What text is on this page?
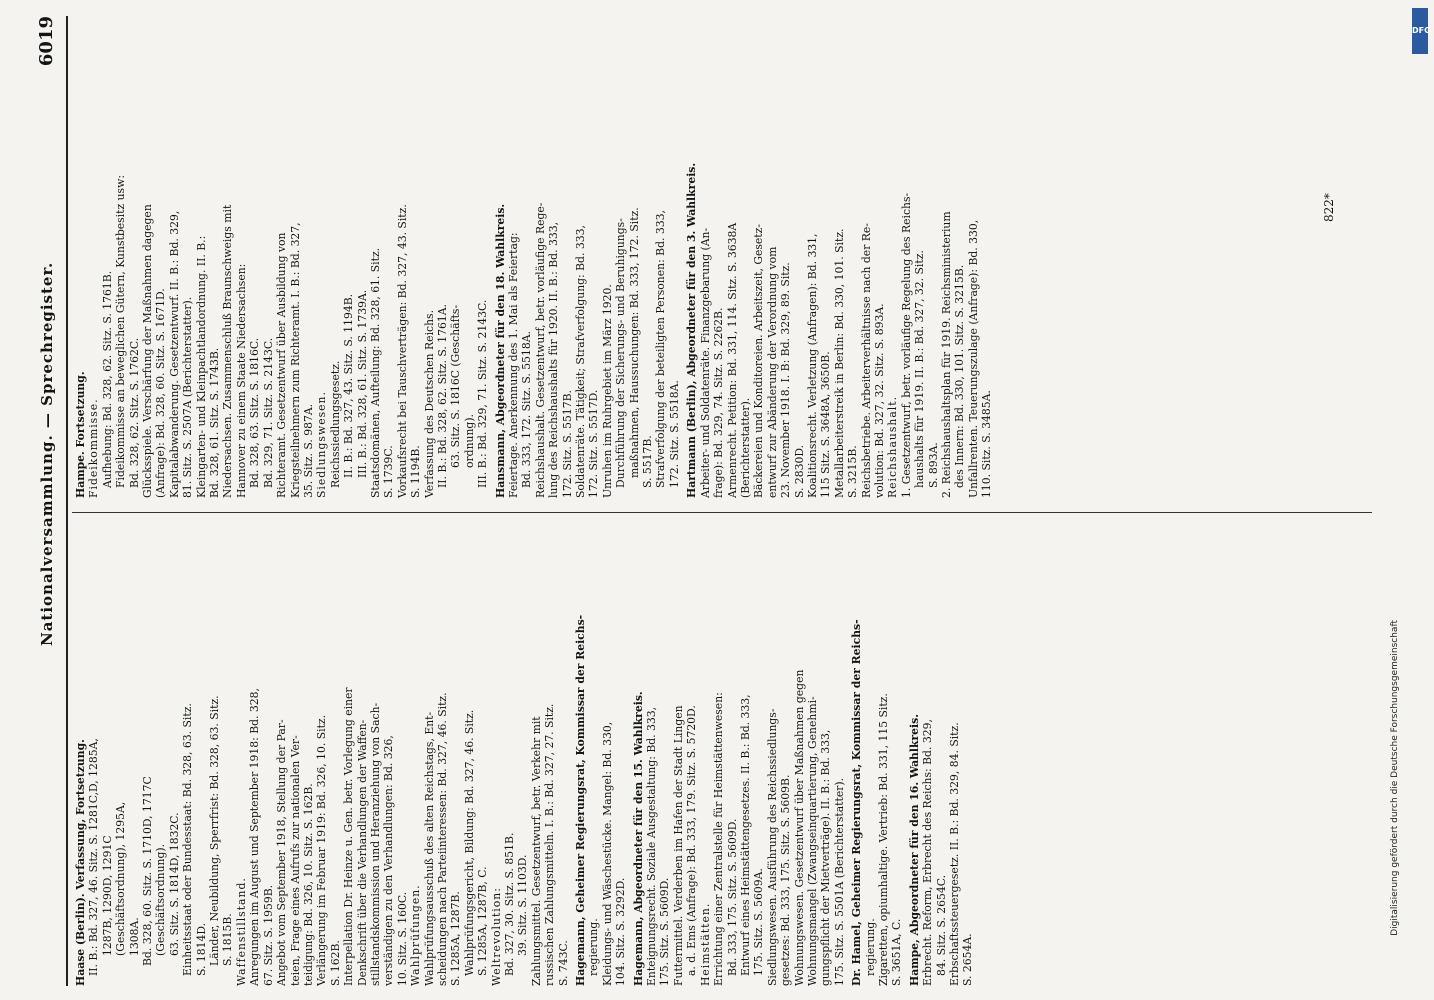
Nationalversammlung. — Sprechregister.
6019
Haase (Berlin). Verfassung, Fortsetzung. II. B.: Bd. 327, 46. Sitz. S. 1281C,D, 1285A, 1287B, 1290D, 1291C (Geschäftsordnung), 1295A, 1308A. Bd. 328, 60. Sitz. S. 1710D, 1717C (Geschäftsordnung). 63. Sitz. S. 1814D, 1832C. Einheitsstaat oder Bundesstaat: Bd. 328, 63. Sitz. S. 1814D. Länder, Neubildung, Sperrfrist: Bd. 328, 63. Sitz. S. 1815B. Waffenstillstand. Anregungen im August und September 1918: Bd. 328, 67. Sitz. S. 1959B. Angebot vom September 1918, Stellung der Par- teien, Frage eines Aufrufs zur nationalen Ver- teidigung: Bd. 326, 10. Sitz. S. 162B. Verlängerung im Februar 1919: Bd. 326, 10. Sitz. S. 162B. Interpellation Dr. Heinze u. Gen. betr. Vorlegung einer Denkschrift über die Verhandlungen der Waffen- stillstandskommission und Heranziehung von Sach- verständigen zu den Verhandlungen: Bd. 326, 10. Sitz. S. 160C. Wahlprüfungen. Wahlprüfungsausschuß des alten Reichstags, Ent- scheidungen nach Parteiinteressen: Bd. 327, 46. Sitz. S. 1285A, 1287B. Wahlprüfungsgericht, Bildung: Bd. 327, 46. Sitz. S. 1285A, 1287B, C. Weltrevolution: Bd. 327, 30. Sitz. S. 851B. 39. Sitz. S. 1103D. Zahlungsmittel. Gesetzentwurf, betr. Verkehr mit russischen Zahlungsmitteln. I. B.: Bd. 327, 27. Sitz. S. 743C. Hagemann, Geheimer Regierungsrat, Kommissar der Reichs- regierung. Kleidungs- und Wäschestücke. Mangel: Bd. 330, 104. Sitz. S. 3292D. Hagemann, Abgeordneter für den 15. Wahlkreis. Enteignungsrecht. Soziale Ausgestaltung: Bd. 333, 175. Sitz. S. 5609D. Futtermittel. Verderben im Hafen der Stadt Lingen a. d. Ems (Anfrage): Bd. 333, 179. Sitz. S. 5720D. Heimstätten. Errichtung einer Zentralstelle für Heimstättenwesen: Bd. 333, 175. Sitz. S. 5609D. Entwurf eines Heimstättengesetzes. II. B.: Bd. 333, 175. Sitz. S. 5609A. Siedlungswesen. Ausführung des Reichssiedlungs- gesetzes: Bd. 333, 175. Sitz. S. 5609B. Wohnungswesen. Gesetzentwurf über Maßnahmen gegen Wohnungsmangel (Zwangseinquartierung, Genehmi- gungspflicht der Mietverträge). II. B.: Bd. 333, 175. Sitz. S. 5501A (Berichterstatter). Dr. Hamel, Geheimer Regierungsrat, Kommissar der Reichs- regierung. Zigaretten, opiumhaltige. Vertrieb: Bd. 331, 115 Sitz. S. 3651A, C. Hampe, Abgeordneter für den 16. Wahlkreis. Erbrecht. Reform, Erbrecht des Reichs: Bd. 329, 84. Sitz. S. 2654C. Erbschaftssteuergesetz. II. B.: Bd. 329, 84. Sitz. S. 2654A.
Hampe. Fortsetzung. Fideikommisse. Aufhebung: Bd. 328, 62. Sitz. S. 1761B. Fideikommisse an beweglichen Gütern, Kunstbesitz usw: Bd. 328, 62. Sitz. S. 1762C. Glücksspiele. Verschärfung der Maßnahmen dagegen (Anfrage): Bd. 328, 60. Sitz. S. 1671D. Kapitalabwanderung. Gesetzentwurf. II. B.: Bd. 329, 81. Sitz. S. 2507A (Berichterstatter). Kleingarten- und Kleinpachtlandordnung. II. B.: Bd. 328, 61. Sitz. S. 1743B. Niedersachsen. Zusammenschluß Braunschweigs mit Hannover zu einem Staate Niedersachsen: Bd. 328, 63. Sitz. S. 1816C. Bd. 329, 71. Sitz. S. 2143C. Richteramt. Gesetzentwurf über Ausbildung von Kriegsteilnehmern zum Richteramt. I. B.: Bd. 327, 35. Sitz. S. 987A. Siedlungswesen. Reichssiedlungsgesetz. II. B.: Bd. 327, 43. Sitz. S. 1194B. III. B.: Bd. 328, 61. Sitz. S. 1739A. Staatsdomänen, Aufteilung: Bd. 328, 61. Sitz. S. 1739C. Vorkaufsrecht bei Tauschverträgen: Bd. 327, 43. Sitz. S. 1194B. Verfassung des Deutschen Reichs. II. B.: Bd. 328, 62. Sitz. S. 1761A. 63. Sitz. S. 1816C (Geschäfts- ordnung). III. B.: Bd. 329, 71. Sitz. S. 2143C. Hansmann, Abgeordneter für den 18. Wahlkreis. Feiertage. Anerkennung des 1. Mai als Feiertag: Bd. 333, 172. Sitz. S. 5518A. Reichshaushalt. Gesetzentwurf, betr. vorläufige Rege- lung des Reichshaushalts für 1920. II. B.: Bd. 333, 172. Sitz. S. 5517B. Soldatenräte. Tätigkeit; Strafverfolgung: Bd. 333, 172. Sitz. S. 5517D. Unruhen im Ruhrgebiet im März 1920. Durchführung der Sicherungs- und Beruhigungs- maßnahmen, Haussuchungen: Bd. 333, 172. Sitz. S. 5517B. Strafverfolgung der beteiligten Personen: Bd. 333, 172. Sitz. S. 5518A. Hartmann (Berlin), Abgeordneter für den 3. Wahlkreis. Arbeiter- und Soldatenräte. Finanzgebarung (An- frage): Bd. 329, 74. Sitz. S. 2262B. Armenrecht. Petition: Bd. 331, 114. Sitz. S. 3638A (Berichterstatter). Bäckereien und Konditoreien. Arbeitszeit, Gesetz- entwurf zur Abänderung der Verordnung vom 23. November 1918. I. B: Bd. 329, 89. Sitz. S. 2830D. Koalitionsrecht. Verletzung (Anfragen): Bd. 331, 115 Sitz. S. 3648A, 3650B. Metallarbeiterstreik in Berlin: Bd. 330, 101. Sitz. S. 3215B. Reichsbetriebe. Arbeiterverhältnisse nach der Re- volution: Bd. 327, 32. Sitz. S. 893A. Reichshaushalt. 1. Gesetzentwurf, betr. vorläufige Regelung des Reichs- haushalts für 1919. II. B.: Bd. 327, 32. Sitz. S. 893A. 2. Reichshaushaltsplan für 1919. Reichsministerium des Innern: Bd. 330, 101. Sitz. S. 3215B. Unfallrenten. Teuerungszulage (Anfrage): Bd. 330, 110. Sitz. S. 3485A.
822*
Digitalisierung gefördert durch die Deutsche Forschungsgemeinschaft
DFG
